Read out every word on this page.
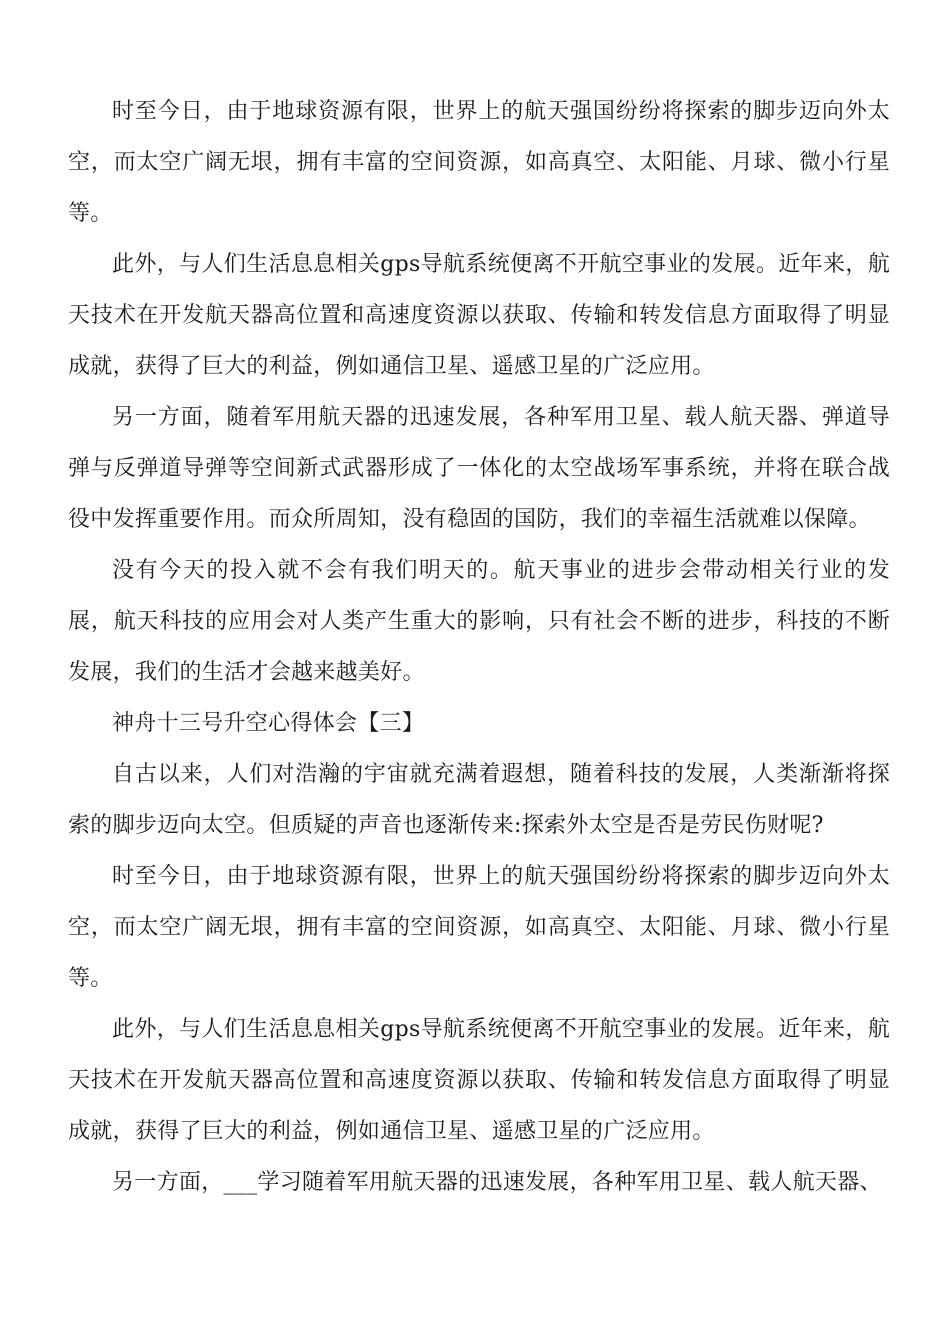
时至今日，由于地球资源有限，世界上的航天强国纷纷将探索的脚步迈向外太空，而太空广阔无垠，拥有丰富的空间资源，如高真空、太阳能、月球、微小行星等。

此外，与人们生活息息相关gps导航系统便离不开航空事业的发展。近年来，航天技术在开发航天器高位置和高速度资源以获取、传输和转发信息方面取得了明显成就，获得了巨大的利益，例如通信卫星、遥感卫星的广泛应用。

另一方面，随着军用航天器的迅速发展，各种军用卫星、载人航天器、弹道导弹与反弹道导弹等空间新式武器形成了一体化的太空战场军事系统，并将在联合战役中发挥重要作用。而众所周知，没有稳固的国防，我们的幸福生活就难以保障。

没有今天的投入就不会有我们明天的。航天事业的进步会带动相关行业的发展，航天科技的应用会对人类产生重大的影响，只有社会不断的进步，科技的不断发展，我们的生活才会越来越美好。

神舟十三号升空心得体会【三】

自古以来，人们对浩瀚的宇宙就充满着遐想，随着科技的发展，人类渐渐将探索的脚步迈向太空。但质疑的声音也逐渐传来:探索外太空是否是劳民伤财呢?

时至今日，由于地球资源有限，世界上的航天强国纷纷将探索的脚步迈向外太空，而太空广阔无垠，拥有丰富的空间资源，如高真空、太阳能、月球、微小行星等。

此外，与人们生活息息相关gps导航系统便离不开航空事业的发展。近年来，航天技术在开发航天器高位置和高速度资源以获取、传输和转发信息方面取得了明显成就，获得了巨大的利益，例如通信卫星、遥感卫星的广泛应用。

另一方面，___学习随着军用航天器的迅速发展，各种军用卫星、载人航天器、
